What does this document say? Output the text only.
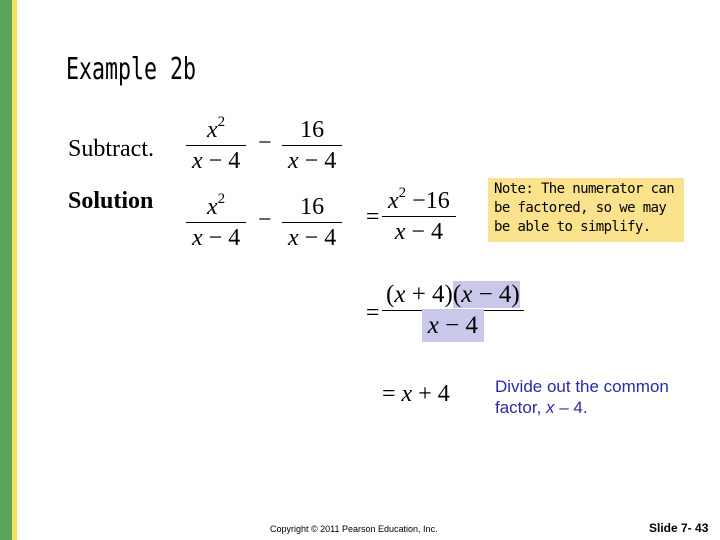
Example 2b
Subtract.
$x^2$
x − 4
− 16
x − 4
Solution $x^2$
x − 4
− 16
x − 4
=
$x^2 -16$
x − 4
Note: The numerator can be factored, so we may be able to simplify.
=
(x + 4)(x − 4)
x − 4
= x + 4	Divide out the common factor, x – 4.
Copyright © 2011 Pearson Education, Inc.	Slide 7- 43
